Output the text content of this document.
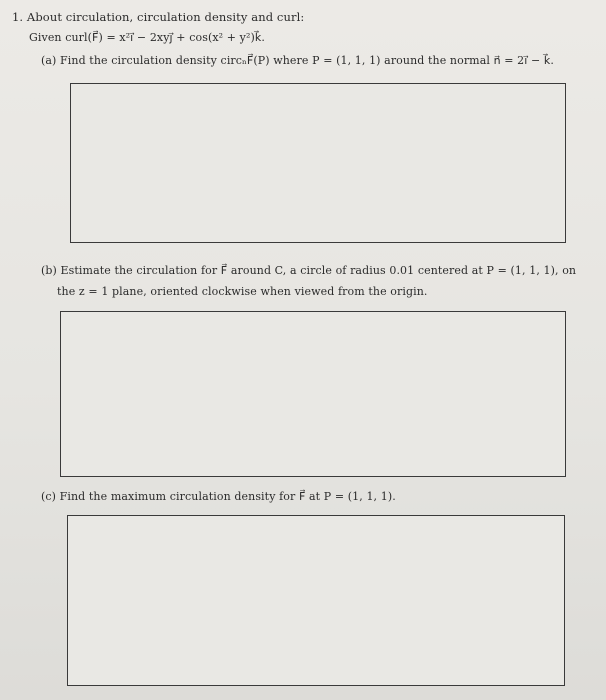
1. About circulation, circulation density and curl:
Given curl(F⃗) = x²i⃗ − 2xyj⃗ + cos(x² + y²)k⃗.
(a) Find the circulation density circₙF⃗(P) where P = (1, 1, 1) around the normal n⃗ = 2i⃗ − k⃗.
(b) Estimate the circulation for F⃗ around C, a circle of radius 0.01 centered at P = (1, 1, 1), on
the z = 1 plane, oriented clockwise when viewed from the origin.
(c) Find the maximum circulation density for F⃗ at P = (1, 1, 1).
